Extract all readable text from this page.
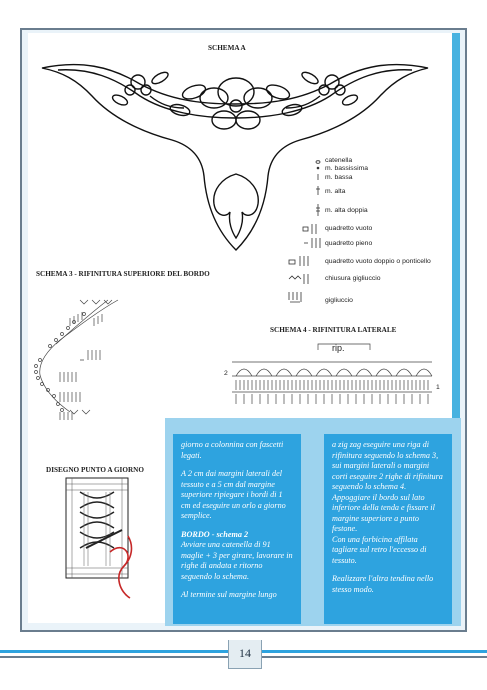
SCHEMA A
catenella
m. bassissima
m. bassa
m. alta
m. alta doppia
quadretto vuoto
quadretto pieno
quadretto vuoto doppio o ponticello
chiusura gigliuccio
gigliuccio
SCHEMA 3 - RIFINITURA SUPERIORE DEL BORDO
SCHEMA 4 - RIFINITURA LATERALE
rip.
2
1
DISEGNO PUNTO A GIORNO

giorno a colonnina con fascetti legati.

A 2 cm dai margini laterali del tessuto e a 5 cm dal margine superiore ripiegare i bordi di 1 cm ed eseguire un orlo a giorno semplice.

BORDO - schema 2

Avviare una catenella di 91 maglie + 3 per girare, lavorare in righe di andata e ritorno seguendo lo schema.

Al termine sul margine lungo

a zig zag eseguire una riga di rifinitura seguendo lo schema 3, sui margini laterali o margini corti eseguire 2 righe di rifinitura seguendo lo schema 4.

Appoggiare il bordo sul lato inferiore della tenda e fissare il margine superiore a punto festone.

Con una forbicina affilata tagliare sul retro l'eccesso di tessuto.

Realizzare l'altra tendina nello stesso modo.

14
